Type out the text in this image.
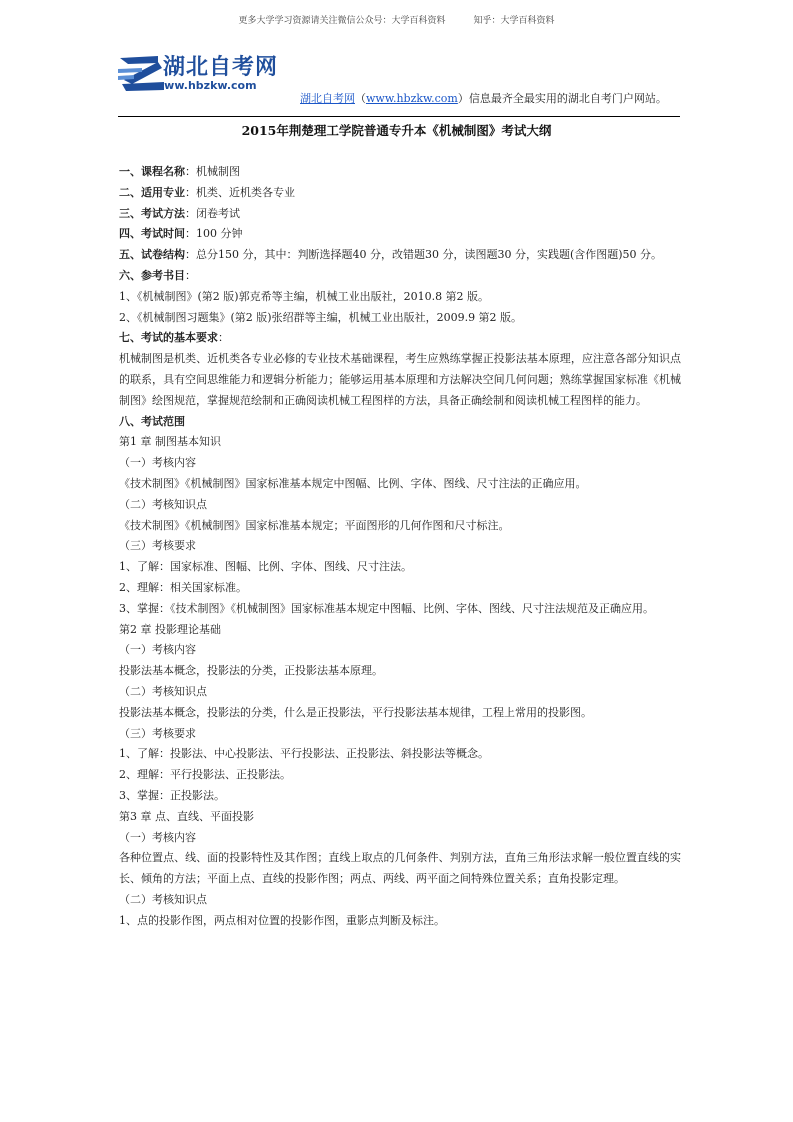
更多大学学习资源请关注微信公众号：大学百科资料	知乎：大学百科资料
湖北自考网
www.hbzkw.com
湖北自考网（www.hbzkw.com）信息最齐全最实用的湖北自考门户网站。
2015年荆楚理工学院普通专升本《机械制图》考试大纲

一、课程名称：机械制图

二、适用专业：机类、近机类各专业

三、考试方法：闭卷考试

四、考试时间：100 分钟

五、试卷结构：总分150 分，其中：判断选择题40 分，改错题30 分，读图题30 分，实践题(含作图题)50 分。

六、参考书目：

1、《机械制图》(第2 版)郭克希等主编，机械工业出版社，2010.8 第2 版。

2、《机械制图习题集》(第2 版)张绍群等主编，机械工业出版社，2009.9 第2 版。

七、考试的基本要求：

机械制图是机类、近机类各专业必修的专业技术基础课程，考生应熟练掌握正投影法基本原理，应注意各部分知识点的联系，具有空间思维能力和逻辑分析能力；能够运用基本原理和方法解决空间几何问题；熟练掌握国家标准《机械制图》绘图规范，掌握规范绘制和正确阅读机械工程图样的方法，具备正确绘制和阅读机械工程图样的能力。

八、考试范围

第1 章 制图基本知识

（一）考核内容

《技术制图》《机械制图》国家标准基本规定中图幅、比例、字体、图线、尺寸注法的正确应用。

（二）考核知识点

《技术制图》《机械制图》国家标准基本规定；平面图形的几何作图和尺寸标注。

（三）考核要求

1、了解：国家标准、图幅、比例、字体、图线、尺寸注法。

2、理解：相关国家标准。

3、掌握：《技术制图》《机械制图》国家标准基本规定中图幅、比例、字体、图线、尺寸注法规范及正确应用。

第2 章 投影理论基础

（一）考核内容

投影法基本概念，投影法的分类，正投影法基本原理。

（二）考核知识点

投影法基本概念，投影法的分类，什么是正投影法，平行投影法基本规律，工程上常用的投影图。

（三）考核要求

1、了解：投影法、中心投影法、平行投影法、正投影法、斜投影法等概念。

2、理解：平行投影法、正投影法。

3、掌握：正投影法。

第3 章 点、直线、平面投影

（一）考核内容

各种位置点、线、面的投影特性及其作图；直线上取点的几何条件、判别方法，直角三角形法求解一般位置直线的实长、倾角的方法；平面上点、直线的投影作图；两点、两线、两平面之间特殊位置关系；直角投影定理。

（二）考核知识点

1、点的投影作图，两点相对位置的投影作图，重影点判断及标注。
